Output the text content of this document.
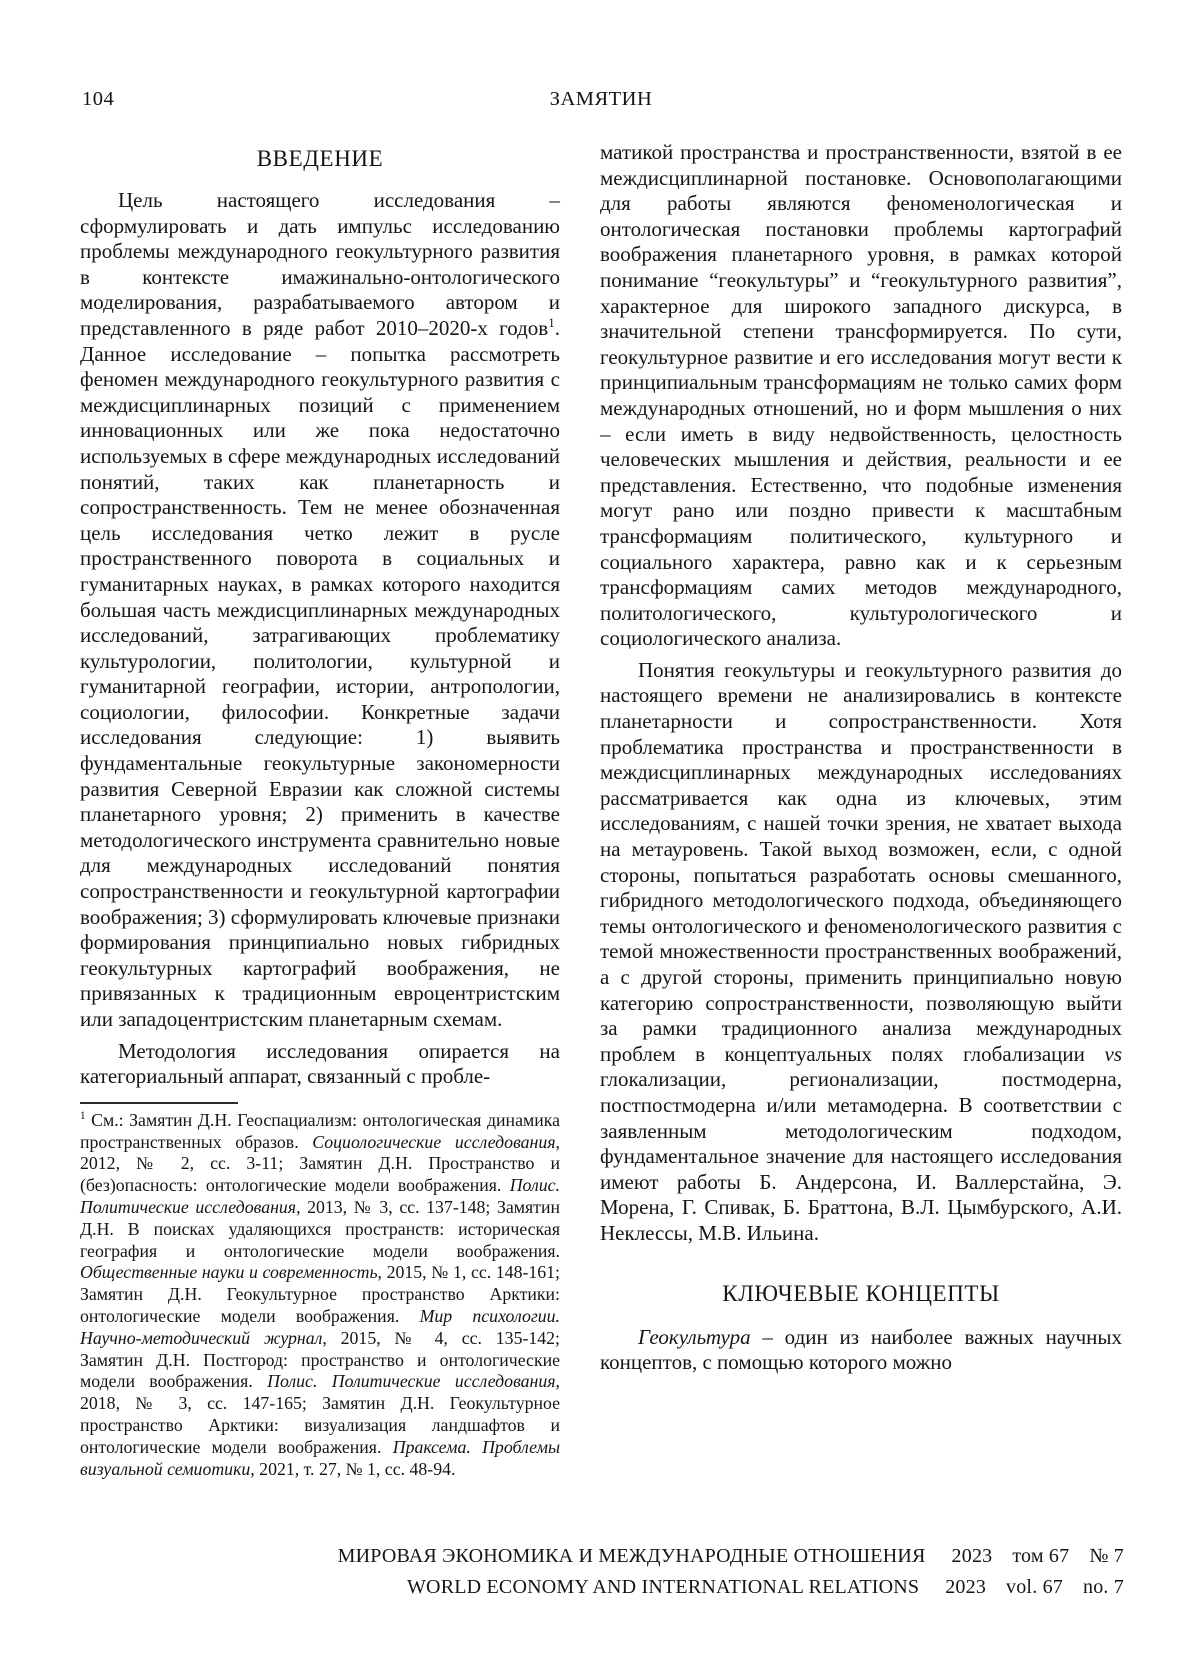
104	ЗАМЯТИН
ВВЕДЕНИЕ

Цель настоящего исследования – сформулировать и дать импульс исследованию проблемы международного геокультурного развития в контексте имажинально-онтологического моделирования, разрабатываемого автором и представленного в ряде работ 2010–2020-х годов$^1$. Данное исследование – попытка рассмотреть феномен международного геокультурного развития с междисциплинарных позиций с применением инновационных или же пока недостаточно используемых в сфере международных исследований понятий, таких как планетарность и сопространственность. Тем не менее обозначенная цель исследования четко лежит в русле пространственного поворота в социальных и гуманитарных науках, в рамках которого находится большая часть междисциплинарных международных исследований, затрагивающих проблематику культурологии, политологии, культурной и гуманитарной географии, истории, антропологии, социологии, философии. Конкретные задачи исследования следующие: 1) выявить фундаментальные геокультурные закономерности развития Северной Евразии как сложной системы планетарного уровня; 2) применить в качестве методологического инструмента сравнительно новые для международных исследований понятия сопространственности и геокультурной картографии воображения; 3) сформулировать ключевые признаки формирования принципиально новых гибридных геокультурных картографий воображения, не привязанных к традиционным евроцентристским или западоцентристским планетарным схемам.

Методология исследования опирается на категориальный аппарат, связанный с пробле-

$^1$ См.: Замятин Д.Н. Геоспациализм: онтологическая динамика пространственных образов. Социологические исследования, 2012, № 2, сс. 3-11; Замятин Д.Н. Пространство и (без)опасность: онтологические модели воображения. Полис. Политические исследования, 2013, № 3, сс. 137-148; Замятин Д.Н. В поисках удаляющихся пространств: историческая география и онтологические модели воображения. Общественные науки и современность, 2015, № 1, сс. 148-161; Замятин Д.Н. Геокультурное пространство Арктики: онтологические модели воображения. Мир психологии. Научно-методический журнал, 2015, № 4, сс. 135-142; Замятин Д.Н. Постгород: пространство и онтологические модели воображения. Полис. Политические исследования, 2018, № 3, сс. 147-165; Замятин Д.Н. Геокультурное пространство Арктики: визуализация ландшафтов и онтологические модели воображения. Праксема. Проблемы визуальной семиотики, 2021, т. 27, № 1, сс. 48-94.

матикой пространства и пространственности, взятой в ее междисциплинарной постановке. Основополагающими для работы являются феноменологическая и онтологическая постановки проблемы картографий воображения планетарного уровня, в рамках которой понимание “геокультуры” и “геокультурного развития”, характерное для широкого западного дискурса, в значительной степени трансформируется. По сути, геокультурное развитие и его исследования могут вести к принципиальным трансформациям не только самих форм международных отношений, но и форм мышления о них – если иметь в виду недвойственность, целостность человеческих мышления и действия, реальности и ее представления. Естественно, что подобные изменения могут рано или поздно привести к масштабным трансформациям политического, культурного и социального характера, равно как и к серьезным трансформациям самих методов международного, политологического, культурологического и социологического анализа.

Понятия геокультуры и геокультурного развития до настоящего времени не анализировались в контексте планетарности и сопространственности. Хотя проблематика пространства и пространственности в междисциплинарных международных исследованиях рассматривается как одна из ключевых, этим исследованиям, с нашей точки зрения, не хватает выхода на метауровень. Такой выход возможен, если, с одной стороны, попытаться разработать основы смешанного, гибридного методологического подхода, объединяющего темы онтологического и феноменологического развития с темой множественности пространственных воображений, а с другой стороны, применить принципиально новую категорию сопространственности, позволяющую выйти за рамки традиционного анализа международных проблем в концептуальных полях глобализации vs глокализации, регионализации, постмодерна, постпостмодерна и/или метамодерна. В соответствии с заявленным методологическим подходом, фундаментальное значение для настоящего исследования имеют работы Б. Андерсона, И. Валлерстайна, Э. Морена, Г. Спивак, Б. Браттона, В.Л. Цымбурского, А.И. Неклессы, М.В. Ильина.

КЛЮЧЕВЫЕ КОНЦЕПТЫ

Геокультура – один из наиболее важных научных концептов, с помощью которого можно

МИРОВАЯ ЭКОНОМИКА И МЕЖДУНАРОДНЫЕ ОТНОШЕНИЯ 2023 том 67 № 7
WORLD ECONOMY AND INTERNATIONAL RELATIONS 2023 vol. 67 no. 7
